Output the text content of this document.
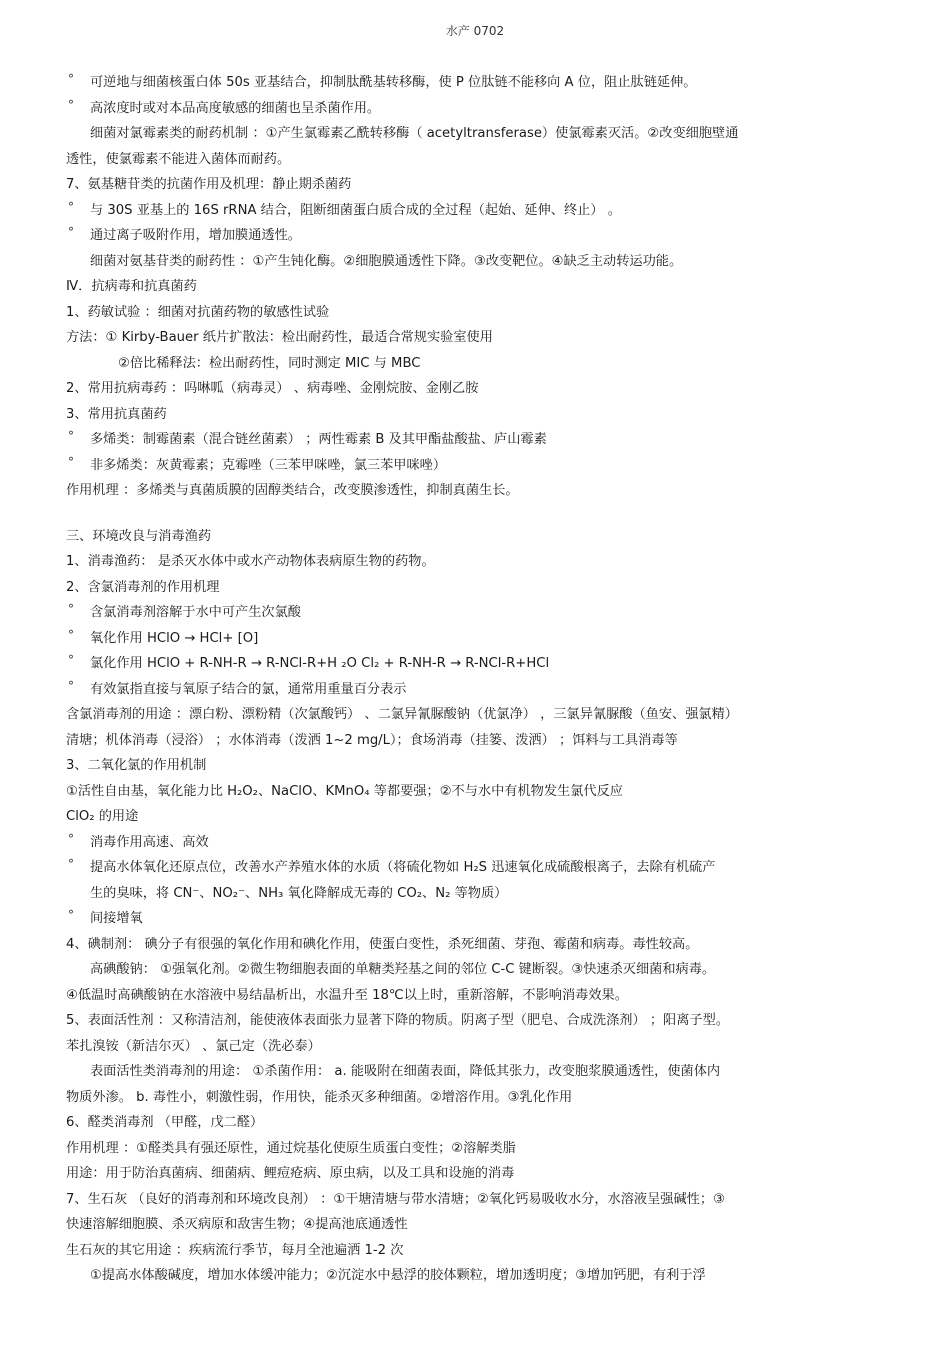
水产 0702
° 可逆地与细菌核蛋白体 50s 亚基结合，抑制肽酰基转移酶，使 P 位肽链不能移向 A 位，阻止肽链延伸。
° 高浓度时或对本品高度敏感的细菌也呈杀菌作用。
细菌对氯霉素类的耐药机制 ：①产生氯霉素乙酰转移酶（ acetyltransferase）使氯霉素灭活。②改变细胞壁通
透性，使氯霉素不能进入菌体而耐药。
7、氨基糖苷类的抗菌作用及机理：静止期杀菌药
° 与 30S 亚基上的 16S rRNA 结合，阻断细菌蛋白质合成的全过程（起始、延伸、终止） 。
° 通过离子吸附作用，增加膜通透性。
细菌对氨基苷类的耐药性 ：①产生钝化酶。②细胞膜通透性下降。③改变靶位。④缺乏主动转运功能。
Ⅳ．抗病毒和抗真菌药
1、药敏试验 ：细菌对抗菌药物的敏感性试验
方法：① Kirby-Bauer 纸片扩散法：检出耐药性，最适合常规实验室使用
②倍比稀释法：检出耐药性，同时测定 MIC 与 MBC
2、常用抗病毒药 ：吗啉呱（病毒灵） 、病毒唑、金刚烷胺、金刚乙胺
3、常用抗真菌药
° 多烯类：制霉菌素（混合链丝菌素） ；两性霉素 B 及其甲酯盐酸盐、庐山霉素
° 非多烯类：灰黄霉素；克霉唑（三苯甲咪唑，氯三苯甲咪唑）
作用机理 ：多烯类与真菌质膜的固醇类结合，改变膜渗透性，抑制真菌生长。
三、环境改良与消毒渔药
1、消毒渔药： 是杀灭水体中或水产动物体表病原生物的药物。
2、含氯消毒剂的作用机理
° 含氯消毒剂溶解于水中可产生次氯酸
° 氧化作用 HClO → HCl+ [O]
° 氯化作用 HClO + R-NH-R → R-NCl-R+H ₂O Cl₂ + R-NH-R → R-NCl-R+HCl
° 有效氯指直接与氧原子结合的氯，通常用重量百分表示
含氯消毒剂的用途 ：漂白粉、漂粉精（次氯酸钙） 、二氯异氰脲酸钠（优氯净） ，三氯异氰脲酸（鱼安、强氯精）
清塘；机体消毒（浸浴） ；水体消毒（泼洒 1~2 mg/L）；食场消毒（挂篓、泼洒） ；饵料与工具消毒等
3、二氧化氯的作用机制
①活性自由基，氧化能力比 H₂O₂、NaClO、KMnO₄ 等都要强；②不与水中有机物发生氯代反应
ClO₂ 的用途
° 消毒作用高速、高效
° 提高水体氧化还原点位，改善水产养殖水体的水质（将硫化物如 H₂S 迅速氧化成硫酸根离子，去除有机硫产
生的臭味，将 CN⁻、NO₂⁻、NH₃ 氧化降解成无毒的 CO₂、N₂ 等物质）
° 间接增氧
4、碘制剂： 碘分子有很强的氧化作用和碘化作用，使蛋白变性，杀死细菌、芽孢、霉菌和病毒。毒性较高。
高碘酸钠： ①强氧化剂。②微生物细胞表面的单糖类羟基之间的邻位 C-C 键断裂。③快速杀灭细菌和病毒。
④低温时高碘酸钠在水溶液中易结晶析出，水温升至 18℃以上时，重新溶解，不影响消毒效果。
5、表面活性剂 ：又称清洁剂，能使液体表面张力显著下降的物质。阴离子型（肥皂、合成洗涤剂） ；阳离子型。
苯扎溴铵（新洁尔灭） 、氯己定（洗必泰）
表面活性类消毒剂的用途： ①杀菌作用： a. 能吸附在细菌表面，降低其张力，改变胞浆膜通透性，使菌体内
物质外渗。 b. 毒性小，刺激性弱，作用快，能杀灭多种细菌。②增溶作用。③乳化作用
6、醛类消毒剂 （甲醛，戊二醛）
作用机理 ：①醛类具有强还原性，通过烷基化使原生质蛋白变性；②溶解类脂
用途：用于防治真菌病、细菌病、鲤痘疮病、原虫病，以及工具和设施的消毒
7、生石灰 （良好的消毒剂和环境改良剂） ：①干塘清塘与带水清塘；②氧化钙易吸收水分，水溶液呈强碱性；③
快速溶解细胞膜、杀灭病原和敌害生物；④提高池底通透性
生石灰的其它用途 ：疾病流行季节，每月全池遍洒 1-2 次
①提高水体酸碱度，增加水体缓冲能力；②沉淀水中悬浮的胶体颗粒，增加透明度；③增加钙肥，有利于浮
